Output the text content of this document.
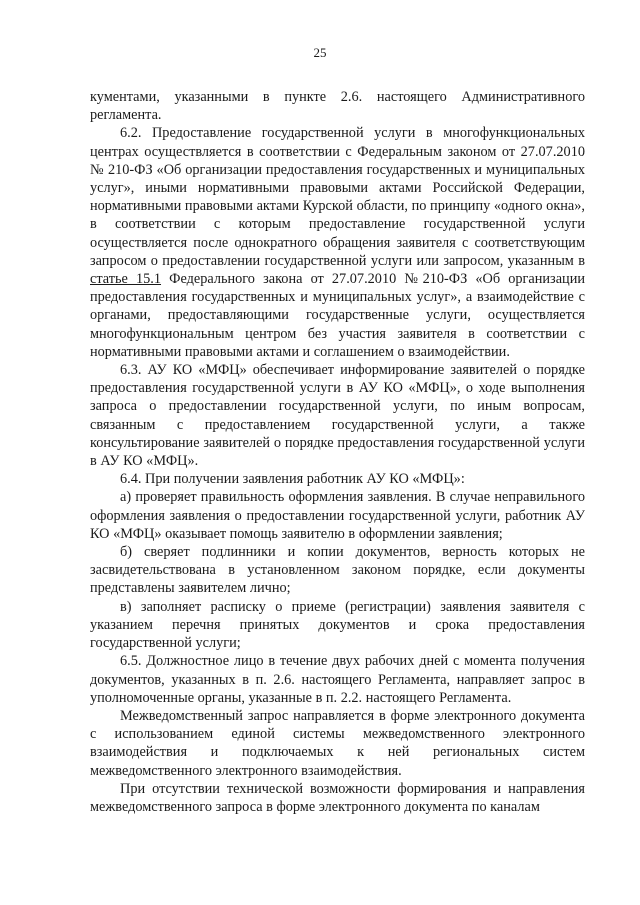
25

кументами, указанными в пункте 2.6. настоящего Административного регламента.

6.2. Предоставление государственной услуги в многофункциональных центрах осуществляется в соответствии с Федеральным законом от 27.07.2010 № 210-ФЗ «Об организации предоставления государственных и муниципальных услуг», иными нормативными правовыми актами Российской Федерации, нормативными правовыми актами Курской области, по принципу «одного окна», в соответствии с которым предоставление государственной услуги осуществляется после однократного обращения заявителя с соответствующим запросом о предоставлении государственной услуги или запросом, указанным в статье 15.1 Федерального закона от 27.07.2010 №210-ФЗ «Об организации предоставления государственных и муниципальных услуг», а взаимодействие с органами, предоставляющими государственные услуги, осуществляется многофункциональным центром без участия заявителя в соответствии с нормативными правовыми актами и соглашением о взаимодействии.

6.3. АУ КО «МФЦ» обеспечивает информирование заявителей о порядке предоставления государственной услуги в АУ КО «МФЦ», о ходе выполнения запроса о предоставлении государственной услуги, по иным вопросам, связанным с предоставлением государственной услуги, а также консультирование заявителей о порядке предоставления государственной услуги в АУ КО «МФЦ».

6.4. При получении заявления работник АУ КО «МФЦ»:

а) проверяет правильность оформления заявления. В случае неправильного оформления заявления о предоставлении государственной услуги, работник АУ КО «МФЦ» оказывает помощь заявителю в оформлении заявления;

б) сверяет подлинники и копии документов, верность которых не засвидетельствована в установленном законом порядке, если документы представлены заявителем лично;

в) заполняет расписку о приеме (регистрации) заявления заявителя с указанием перечня принятых документов и срока предоставления государственной услуги;

6.5. Должностное лицо в течение двух рабочих дней с момента получения документов, указанных в п. 2.6. настоящего Регламента, направляет запрос в уполномоченные органы, указанные в п. 2.2. настоящего Регламента.

Межведомственный запрос направляется в форме электронного документа с использованием единой системы межведомственного электронного взаимодействия и подключаемых к ней региональных систем межведомственного электронного взаимодействия.

При отсутствии технической возможности формирования и направления межведомственного запроса в форме электронного документа по каналам
